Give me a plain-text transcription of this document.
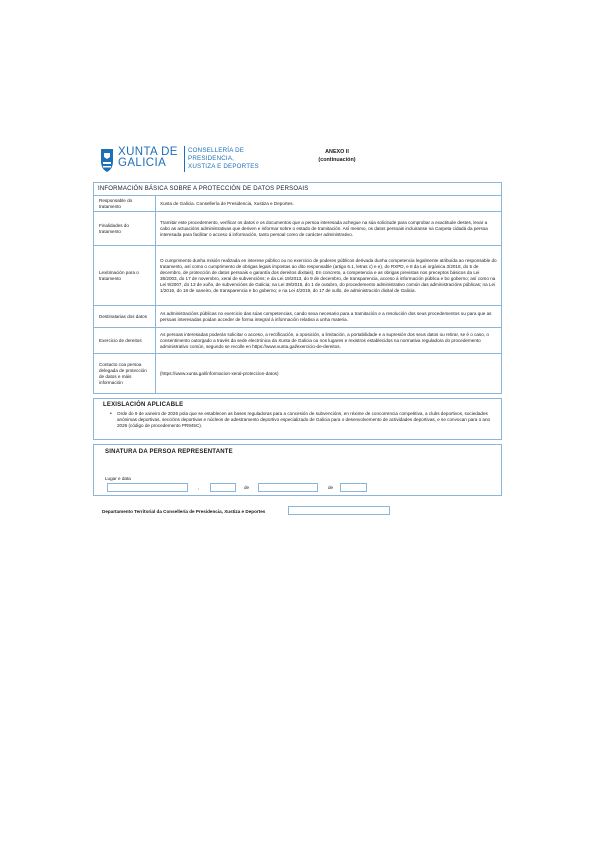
XUNTA DE GALICIA
CONSELLERÍA DE
PRESIDENCIA,
XUSTIZA E DEPORTES
ANEXO II
(continuación)
INFORMACIÓN BÁSICA SOBRE A PROTECCIÓN DE DATOS PERSOAIS
Responsable do tratamento
Xunta de Galicia. Consellería de Presidencia, Xustiza e Deportes.
Finalidades do tratamento
Tramitar este procedemento, verificar os datos e os documentos que a persoa interesada achegue na súa solicitude para comprobar a exactitude destes, levar a cabo as actuacións administrativas que deriven e informar sobre o estado de tramitación. Así mesmo, os datos persoais incluiranse na Carpeta cidadá da persoa interesada para facilitar o acceso á información, tanto persoal como de carácter administrativo.
Lexitimación para o tratamento
O cumprimento dunha misión realizada en interese público ou no exercicio de poderes públicos derivada dunha competencia legalmente atribuída ao responsable do tratamento, así como o cumprimento de obrigas legais impostas ao dito responsable (artigo 6.1, letras c) e e), do RXPD, e 8 da Lei orgánica 3/2018, do 5 de decembro, de protección de datos persoais e garantía dos dereitos dixitais). En concreto, a competencia e as obrigas previstas nos preceptos básicos da Lei 38/2003, do 17 de novembro, xeral de subvencións; e da Lei 19/2013, do 9 de decembro, de transparencia, acceso á información pública e bo goberno; así como na Lei 9/2007, do 13 de xuño, de subvencións de Galicia; na Lei 39/2015, do 1 de outubro, do procedemento administrativo común das administracións públicas; na Lei 1/2016, do 18 de xaneiro, de transparencia e bo goberno; e na Lei 4/2019, do 17 de xullo, de administración dixital de Galicia.
Destinatarias dos datos
As administracións públicas no exercicio das súas competencias, cando sexa necesario para a tramitación e a resolución dos seus procedementos ou para que as persoas interesadas poidan acceder de forma integral á información relativa a unha materia.
Exercicio de dereitos
As persoas interesadas poderán solicitar o acceso, a rectificación, a oposición, a limitación, a portabilidade e a supresión dos seus datos ou retirar, se é o caso, o consentimento outorgado a través da sede electrónica da Xunta de Galicia ou nos lugares e rexistros establecidos na normativa reguladora do procedemento administrativo común, segundo se recolle en https://www.xunta.gal/exercicio-de-dereitos.
Contacto coa persoa delegada de protección de datos e máis información
( https://www.xunta.gal/informacion-xeral-proteccion-datos )
LEXISLACIÓN APLICABLE
• Orde do 9 de xaneiro de 2026 pola que se establecen as bases reguladoras para a concesión de subvencións, en réxime de concorrencia competitiva, a clubs deportivos, sociedades anónimas deportivas, seccións deportivas e núcleos de adestramento deportivo especializado de Galicia para o desenvolvemento de actividades deportivas, e se convocan para o ano 2026 (código de procedemento PR945C).
SINATURA DA PERSOA REPRESENTANTE
Lugar e data
,	de	de
Departamento Territorial da Consellería de Presidencia, Xustiza e Deportes
